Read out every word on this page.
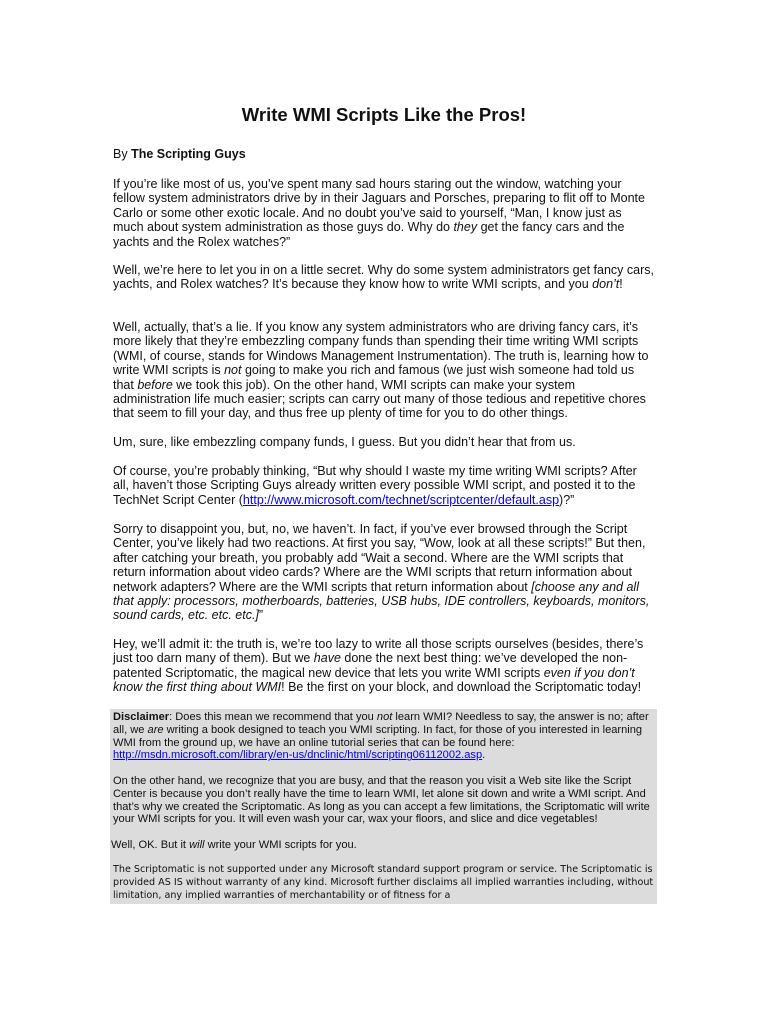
Write WMI Scripts Like the Pros!

By The Scripting Guys

If you’re like most of us, you’ve spent many sad hours staring out the window, watching your fellow system administrators drive by in their Jaguars and Porsches, preparing to flit off to Monte Carlo or some other exotic locale. And no doubt you’ve said to yourself, “Man, I know just as much about system administration as those guys do. Why do they get the fancy cars and the yachts and the Rolex watches?”

Well, we’re here to let you in on a little secret. Why do some system administrators get fancy cars, yachts, and Rolex watches? It’s because they know how to write WMI scripts, and you don’t!

Well, actually, that’s a lie. If you know any system administrators who are driving fancy cars, it’s more likely that they’re embezzling company funds than spending their time writing WMI scripts (WMI, of course, stands for Windows Management Instrumentation). The truth is, learning how to write WMI scripts is not going to make you rich and famous (we just wish someone had told us that before we took this job). On the other hand, WMI scripts can make your system administration life much easier; scripts can carry out many of those tedious and repetitive chores that seem to fill your day, and thus free up plenty of time for you to do other things.

Um, sure, like embezzling company funds, I guess. But you didn’t hear that from us.

Of course, you’re probably thinking, “But why should I waste my time writing WMI scripts? After all, haven’t those Scripting Guys already written every possible WMI script, and posted it to the TechNet Script Center (http://www.microsoft.com/technet/scriptcenter/default.asp)?”

Sorry to disappoint you, but, no, we haven’t. In fact, if you’ve ever browsed through the Script Center, you’ve likely had two reactions. At first you say, “Wow, look at all these scripts!” But then, after catching your breath, you probably add “Wait a second. Where are the WMI scripts that return information about video cards? Where are the WMI scripts that return information about network adapters? Where are the WMI scripts that return information about [choose any and all that apply: processors, motherboards, batteries, USB hubs, IDE controllers, keyboards, monitors, sound cards, etc. etc. etc.]”

Hey, we’ll admit it: the truth is, we’re too lazy to write all those scripts ourselves (besides, there’s just too darn many of them). But we have done the next best thing: we’ve developed the non-patented Scriptomatic, the magical new device that lets you write WMI scripts even if you don’t know the first thing about WMI! Be the first on your block, and download the Scriptomatic today!

Disclaimer: Does this mean we recommend that you not learn WMI? Needless to say, the answer is no; after all, we are writing a book designed to teach you WMI scripting. In fact, for those of you interested in learning WMI from the ground up, we have an online tutorial series that can be found here: http://msdn.microsoft.com/library/en-us/dnclinic/html/scripting06112002.asp.

On the other hand, we recognize that you are busy, and that the reason you visit a Web site like the Script Center is because you don’t really have the time to learn WMI, let alone sit down and write a WMI script. And that’s why we created the Scriptomatic. As long as you can accept a few limitations, the Scriptomatic will write your WMI scripts for you. It will even wash your car, wax your floors, and slice and dice vegetables!

Well, OK. But it will write your WMI scripts for you.

The Scriptomatic is not supported under any Microsoft standard support program or service. The Scriptomatic is provided AS IS without warranty of any kind. Microsoft further disclaims all implied warranties including, without limitation, any implied warranties of merchantability or of fitness for a
